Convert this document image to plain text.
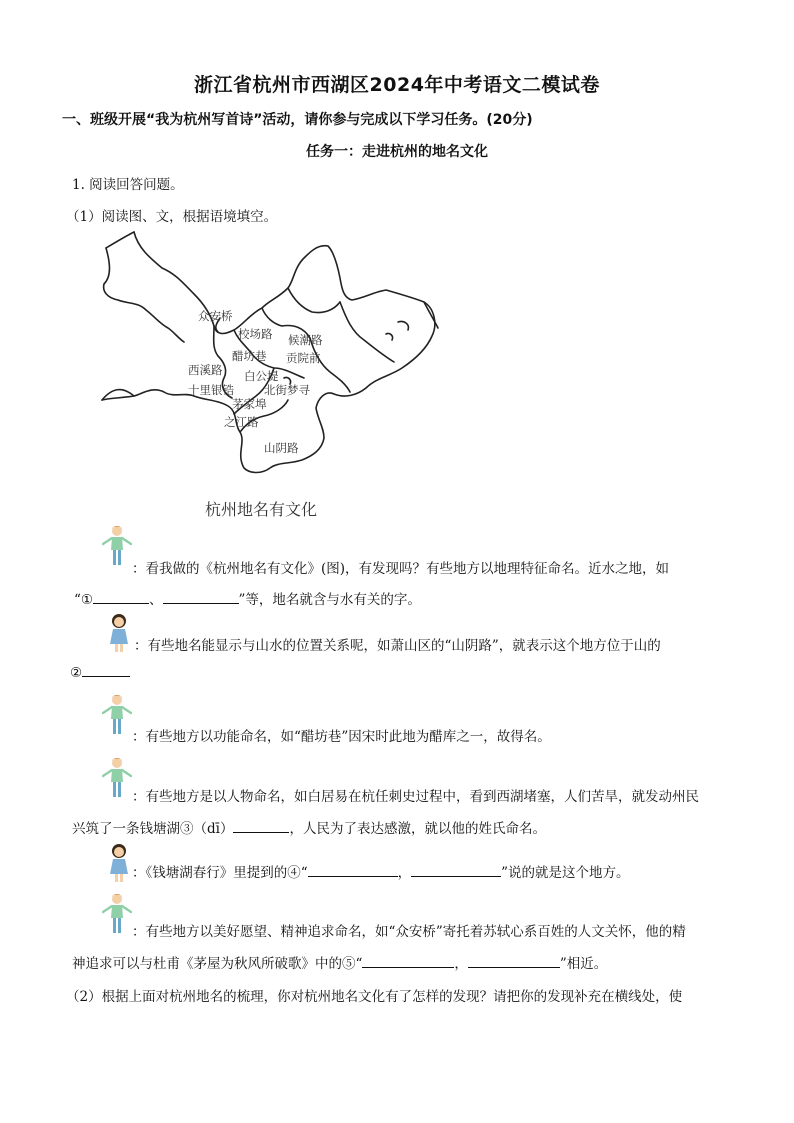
浙江省杭州市西湖区2024年中考语文二模试卷
一、班级开展“我为杭州写首诗”活动，请你参与完成以下学习任务。(20分)
任务一：走进杭州的地名文化
1. 阅读回答问题。
（1）阅读图、文，根据语境填空。
众安桥
校场路 候潮路
醋坊巷 贡院前
西溪路 白公堤
十里银锆	北街梦寻
茅家埠
之江路
山阴路
杭州地名有文化
：看我做的《杭州地名有文化》(图)，有发现吗？有些地方以地理特征命名。近水之地，如
“①	、	”等，地名就含与水有关的字。
：有些地名能显示与山水的位置关系呢，如萧山区的“山阴路”，就表示这个地方位于山的
②
：有些地方以功能命名，如“醋坊巷”因宋时此地为醋库之一，故得名。
：有些地方是以人物命名，如白居易在杭任刺史过程中，看到西湖堵塞，人们苦旱，就发动州民
兴筑了一条钱塘湖③（dī）	，人民为了表达感激，就以他的姓氏命名。
：《钱塘湖春行》里提到的④“	，	”说的就是这个地方。
：有些地方以美好愿望、精神追求命名，如“众安桥”寄托着苏轼心系百姓的人文关怀，他的精
神追求可以与杜甫《茅屋为秋风所破歌》中的⑤“	，	”相近。
（2）根据上面对杭州地名的梳理，你对杭州地名文化有了怎样的发现？请把你的发现补充在横线处，使
